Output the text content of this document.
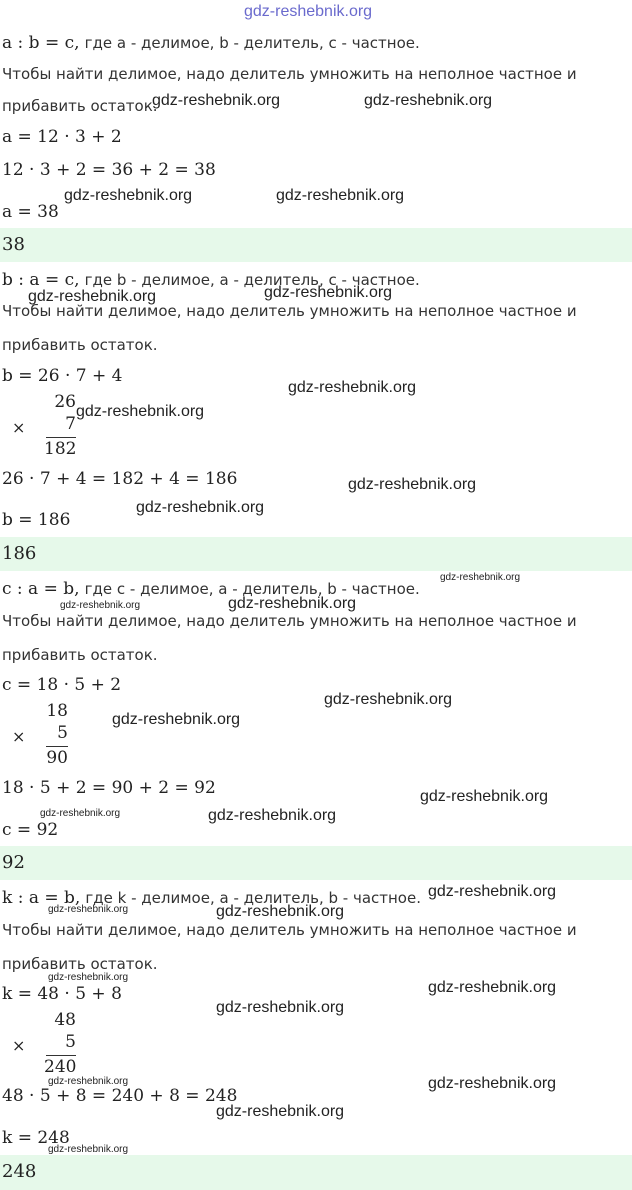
gdz-reshebnik.org
a : b = c, где a - делимое, b - делитель, c - частное.
Чтобы найти делимое, надо делитель умножить на неполное частное и
прибавить остаток.
a = 12 · 3 + 2
12 · 3 + 2 = 36 + 2 = 38
a = 38
38
b : a = c, где b - делимое, a - делитель, c - частное.
Чтобы найти делимое, надо делитель умножить на неполное частное и
прибавить остаток.
b = 26 · 7 + 4
26
×	7
182
26 · 7 + 4 = 182 + 4 = 186
b = 186
186
c : a = b, где c - делимое, a - делитель, b - частное.
Чтобы найти делимое, надо делитель умножить на неполное частное и
прибавить остаток.
c = 18 · 5 + 2
18
×	5
90
18 · 5 + 2 = 90 + 2 = 92
c = 92
92
k : a = b, где k - делимое, a - делитель, b - частное.
Чтобы найти делимое, надо делитель умножить на неполное частное и
прибавить остаток.
k = 48 · 5 + 8
48
×	5
240
48 · 5 + 8 = 240 + 8 = 248
k = 248
248
gdz-reshebnik.org	gdz-reshebnik.org
gdz-reshebnik.org	gdz-reshebnik.org
gdz-reshebnik.org	gdz-reshebnik.org
gdz-reshebnik.org
gdz-reshebnik.org
gdz-reshebnik.org
gdz-reshebnik.org
gdz-reshebnik.org
gdz-reshebnik.org	gdz-reshebnik.org
gdz-reshebnik.org
gdz-reshebnik.org
gdz-reshebnik.org
gdz-reshebnik.org	gdz-reshebnik.org
gdz-reshebnik.org
gdz-reshebnik.org	gdz-reshebnik.org
gdz-reshebnik.org
gdz-reshebnik.org
gdz-reshebnik.org
gdz-reshebnik.org	gdz-reshebnik.org
gdz-reshebnik.org
gdz-reshebnik.org
